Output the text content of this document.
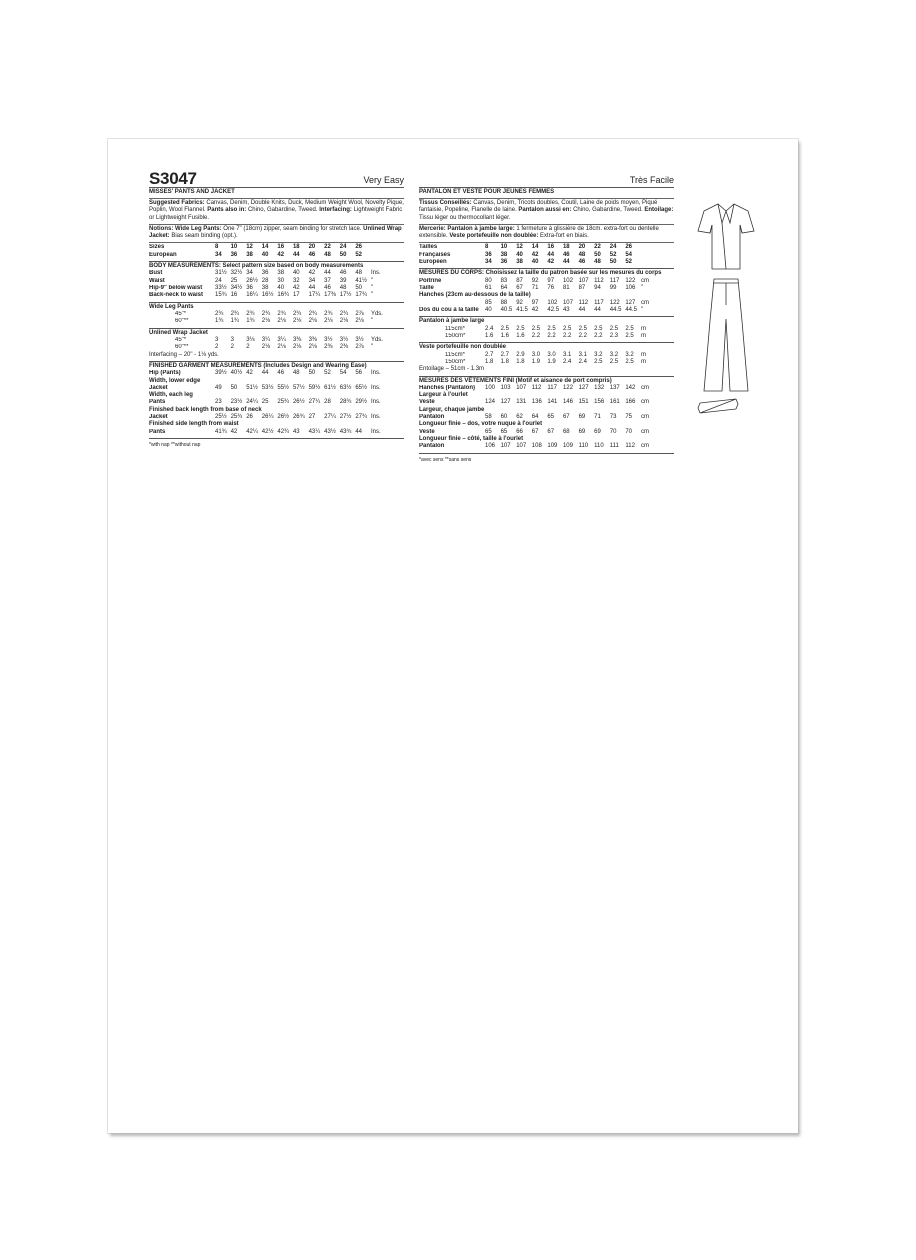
S3047	Very Easy
MISSES' PANTS AND JACKET

Suggested Fabrics: Canvas, Denim, Double Knits, Duck, Medium Weight Wool, Novelty Pique, Poplin, Wool Flannel. Pants also in: Chino, Gabardine, Tweed. Interfacing: Lightweight Fabric or Lightweight Fusible.

Notions: Wide Leg Pants: One 7" (18cm) zipper, seam binding for stretch lace. Unlined Wrap Jacket: Bias seam binding (opt.).

Sizes	8	10	12	14	16	18	20	22	24	26
European	34	36	38	40	42	44	46	48	50	52
BODY MEASUREMENTS: Select pattern size based on body measurements
Bust	31½ 32½ 34	36	38	40	42	44	46	48	Ins.
Waist	24	25	26½ 28	30	32	34	37	39	41½ "
Hip-9" below waist	33½ 34½ 36	38	40	42	44	46	48	50	"
Back-neck to waist	15¾ 16	16¼ 16½ 16¾ 17	17¼ 17⅜ 17½ 17¾ "
Wide Leg Pants
45"*	2¾	2¾	2¾	2¾	2¾	2¾	2¾	2¾	2¾	2⅞	Yds.
60"**	1¾	1¾	1¾	2⅛	2⅛	2⅛	2⅛	2⅛	2⅛	2⅛	"
Unlined Wrap Jacket
45"*	3	3	3⅛	3¼	3¼	3⅜	3⅜	3½	3½	3½	Yds.
60"**	2	2	2	2⅛	2⅛	2⅛	2⅛	2⅜	2⅜	2⅞	"
Interfacing – 20" - 1⅛ yds.
FINISHED GARMENT MEASUREMENTS (Includes Design and Wearing Ease)
Hip (Pants)	39½ 40½ 42	44	46	48	50	52	54	56	Ins.
Width, lower edge
Jacket	49	50	51½ 53½ 55½ 57½ 59½ 61½ 63½ 65½ Ins.
Width, each leg
Pants	23	23½ 24¼ 25	25¾ 26½ 27¼ 28	28¾ 29½ Ins.
Finished back length from base of neck
Jacket	25½ 25¾ 26	26¼ 26½ 26¾ 27	27¼ 27½ 27¾ Ins.
Finished side length from waist
Pants	41¾ 42	42¼ 42½ 42¾ 43	43¼ 43½ 43¾ 44	Ins.
*with nap **without nap
Très Facile
PANTALON ET VESTE POUR JEUNES FEMMES

Tissus Conseillés: Canvas, Denim, Tricots doubles, Coutil, Laine de poids moyen, Piqué fantaisie, Popeline, Flanelle de laine. Pantalon aussi en: Chino, Gabardine, Tweed. Entoilage: Tissu léger ou thermocollant léger.

Mercerie: Pantalon à jambe large: 1 fermeture à glissière de 18cm. extra-fort ou dentelle extensible. Veste portefeuille non doublée: Extra-fort en biais.

Tailles	8	10	12	14	16	18	20	22	24	26
Françaises	36	38	40	42	44	46	48	50	52	54
Européen	34	36	38	40	42	44	46	48	50	52
MESURES DU CORPS: Choisissez la taille du patron basée sur les mesures du corps
Poitrine	80	83	87	92	97	102 107 112	117	122 cm
Taille	61	64	67	71	76	81	87	94	99	106 "
Hanches (23cm au-dessous de la taille)
85	88	92	97	102 107 112	117	122 127 cm
Dos du cou à la taille	40	40.5 41.5 42	42.5 43	44	44	44.5 44.5 "
Pantalon à jambe large
115cm*	2.4	2.5	2.5	2.5	2.5	2.5	2.5	2.5	2.5	2.5	m
150cm*	1.6	1.6	1.6	2.2	2.2	2.2	2.2	2.2	2.3	2.5	m
Veste portefeuille non doublée
115cm*	2.7	2.7	2.9	3.0	3.0	3.1	3.1	3.2	3.2	3.2	m
150cm*	1.8	1.8	1.8	1.9	1.9	2.4	2.4	2.5	2.5	2.5	m
Entoilage – 51cm - 1.3m
MESURES DES VÊTEMENTS FINI (Motif et aisance de port compris)
Hanches (Pantalon)	100 103 107 112	117	122 127 132 137 142 cm
Largeur à l'ourlet
Veste	124 127 131 136 141 146 151 156 161 166 cm
Largeur, chaque jambe
Pantalon	58	60	62	64	65	67	69	71	73	75	cm
Longueur finie – dos, votre nuque à l'ourlet
Veste	65	65	66	67	67	68	69	69	70	70	cm
Longueur finie – côté, taille à l'ourlet
Pantalon	106 107 107 108 109 109 110	110	111	112	cm
*avec sens **sans sens
